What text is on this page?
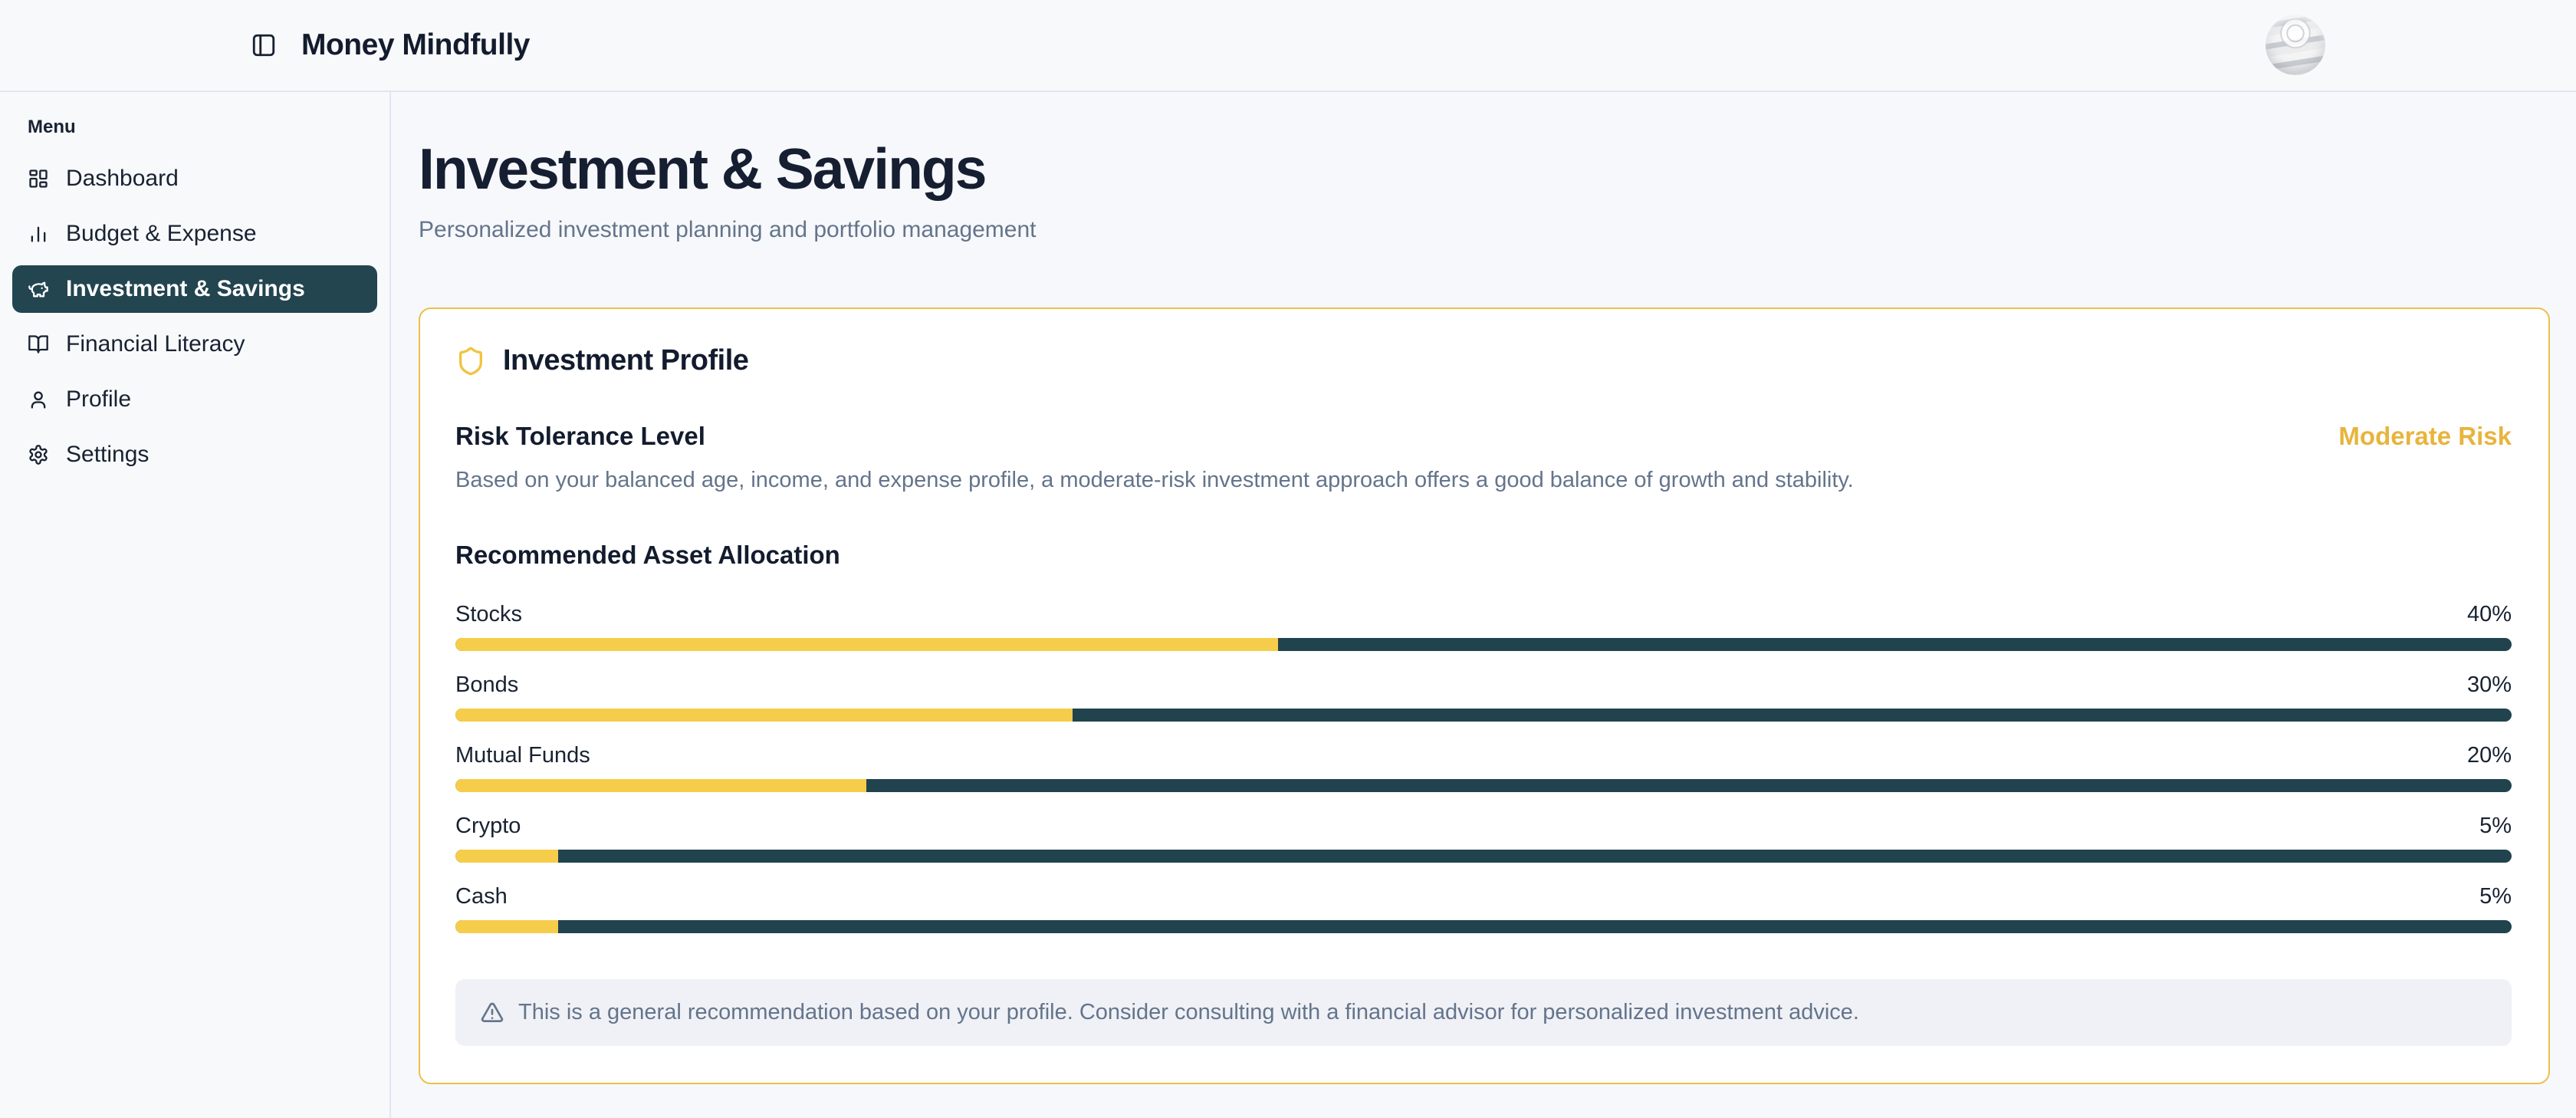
Money Mindfully
Menu
Dashboard
Budget & Expense
Investment & Savings
Financial Literacy
Profile
Settings
Investment & Savings

Personalized investment planning and portfolio management

Investment Profile
Risk Tolerance Level	Moderate Risk

Based on your balanced age, income, and expense profile, a moderate-risk investment approach offers a good balance of growth and stability.

Recommended Asset Allocation
Stocks	40%
Bonds	30%
Mutual Funds	20%
Crypto	5%
Cash	5%
This is a general recommendation based on your profile. Consider consulting with a financial advisor for personalized investment advice.
